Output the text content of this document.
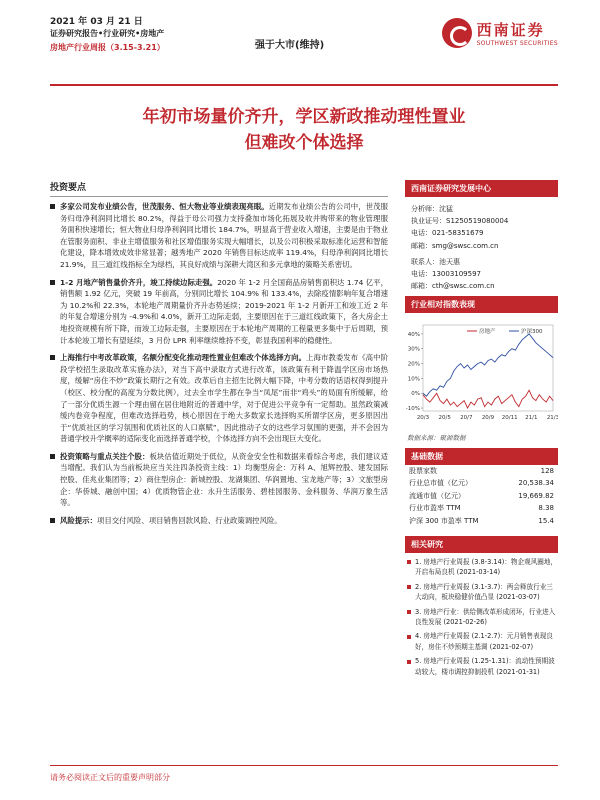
2021 年 03 月 21 日
证券研究报告•行业研究•房地产
房地产行业周报（3.15-3.21）	强于大市(维持)
西南证券
SOUTHWEST SECURITIES
年初市场量价齐升，学区新政推动理性置业
但难改个体选择
投资要点
多家公司发布业绩公告，世茂服务、恒大物业等业绩表现亮眼。近期发布业绩公告的公司中，世茂服务归母净利润同比增长 80.2%，得益于母公司强力支持叠加市场化拓展及收并购带来的物业管理服务面积快速增长；恒大物业归母净利润同比增长 184.7%，明显高于营业收入增速，主要是由于物业在管服务面积、非业主增值服务和社区增值服务实现大幅增长，以及公司积极采取标准化运营和智能化建设，降本增效成效非常显著；越秀地产 2020 年销售目标达成率 119.4%，归母净利润同比增长 21.9%，且三道红线指标全为绿档，其良好成绩与深耕大湾区和多元拿地的策略关系密切。
1-2 月地产销售量价齐升，竣工持续边际走强。2020 年 1-2 月全国商品房销售面积达 1.74 亿平，销售额 1.92 亿元，突破 19 年前高，分别同比增长 104.9% 和 133.4%，去除疫情影响年复合增速为 10.2%和 22.3%，本轮地产周期量价齐升态势延续；2019-2021 年 1-2 月新开工和竣工近 2 年的年复合增速分别为 -4.9%和 4.0%，新开工边际走弱，主要原因在于三道红线政策下，各大房企土地投资规模有所下降，而竣工边际走强，主要原因在于本轮地产周期的工程量更多集中于后周期，预计本轮竣工增长有望延续，3 月份 LPR 利率继续维持不变，彰显我国利率的稳健性。
上海推行中考改革政策，名额分配变化推动理性置业但难改个体选择方向。上海市教委发布《高中阶段学校招生录取改革实施办法》，对当下高中录取方式进行改革，该政策有利于降温学区房市场热度，缓解“房住不炒”政策长期行之有效。改革后自主招生比例大幅下降，中考分数的话语权得到提升（校区、校分配的高度为分数比例），过去全市学生都在争当“凤尾”而非“鸡头”的局面有所缓解，给了一部分优质生源一个理由留在居住地附近的普通中学，对于促进公平竞争有一定帮助。虽然政策减缓内卷竞争程度，但难改选择趋势，核心原因在于绝大多数家长选择购买所谓学区房，更多原因出于“优质社区的学习氛围和优质社区的人口禀赋”，因此推动子女的这些学习氛围的更强，并不会因为普通学校升学概率的适际变化而选择普通学校，个体选择方向不会出现巨大变化。
投资策略与重点关注个股：板块估值近期处于低位，从资金安全性和数据来看综合考虑，我们建议适当增配。我们认为当前板块应当关注四条投资主线：1）均衡型房企：万科 A、旭辉控股、建发国际控股、佳兆业集团等；2）商住型房企：新城控股、龙湖集团、华润置地、宝龙地产等；3）文旅型房企：华侨城、融创中国；4）优质物管企业：永升生活服务、碧桂园服务、金科服务、华润万象生活等。
风险提示：项目交付风险、项目销售回款风险、行业政策调控风险。
西南证券研究发展中心
分析师：沈猛
执业证号：S1250519080004
电话：021-58351679
邮箱：smg@swsc.com.cn
联系人：池天惠
电话：13003109597
邮箱：cth@swsc.com.cn
行业相对指数表现
-10%
0%
10%
20%
30%
40%
20/3 20/5 20/7 20/9 20/11 21/1 21/3
房地产	沪深300
数据来源：聚源数据
基础数据
股票家数	128
行业总市值（亿元）	20,538.34
流通市值（亿元）	19,669.82
行业市盈率 TTM	8.38
沪深 300 市盈率 TTM	15.4
相关研究
1. 房地产行业周报 (3.8-3.14)：物企观风圈地，开启布局良机 (2021-03-14)
2. 房地产行业周报 (3.1-3.7)：两会释放行业三大动向，板块稳健价值凸显 (2021-03-07)
3. 房地产行业：供给侧改革形成闭环，行业进入良性发展 (2021-02-26)
4. 房地产行业周报 (2.1-2.7)：元月销售表现良好，房住不炒预期主基调 (2021-02-07)
5. 房地产行业周报 (1.25-1.31)：流动性预期波动较大，楼市调控抑制投机 (2021-01-31)
请务必阅读正文后的重要声明部分
